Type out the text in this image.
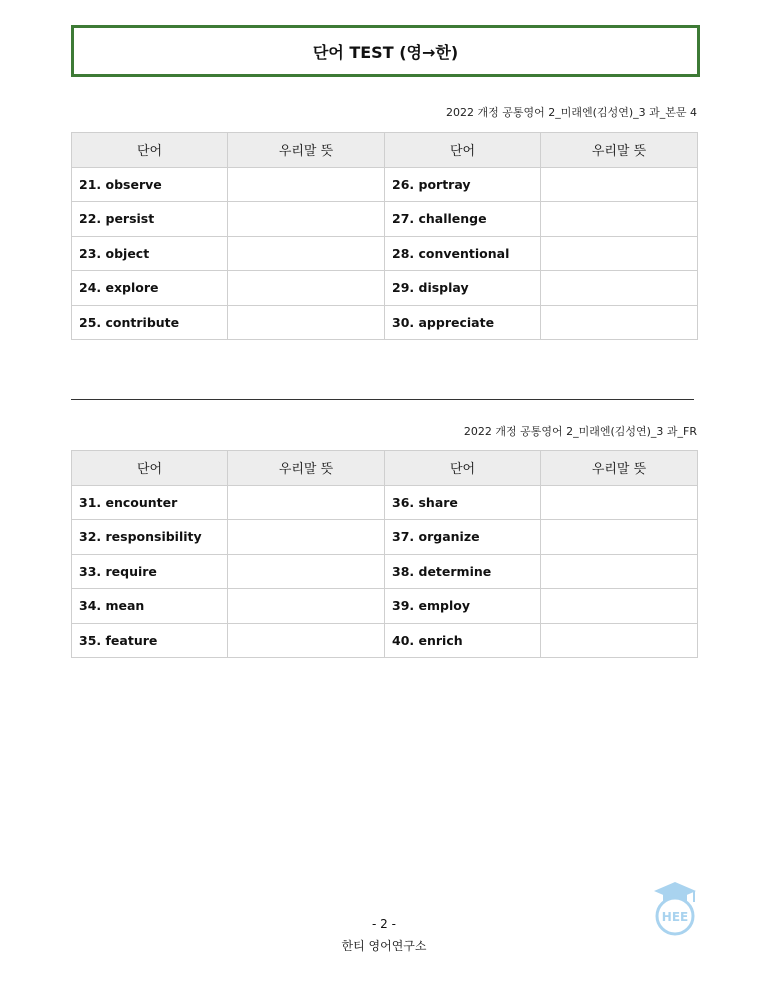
단어 TEST (영→한)
2022 개정 공통영어 2_미래엔(김성연)_3 과_본문 4
단어	우리말 뜻	단어	우리말 뜻
21. observe		26. portray	
22. persist		27. challenge	
23. object		28. conventional	
24. explore		29. display	
25. contribute		30. appreciate	
2022 개정 공통영어 2_미래엔(김성연)_3 과_FR
단어	우리말 뜻	단어	우리말 뜻
31. encounter		36. share	
32. responsibility		37. organize	
33. require		38. determine	
34. mean		39. employ	
35. feature		40. enrich	
- 2 -
한티 영어연구소
HEE
